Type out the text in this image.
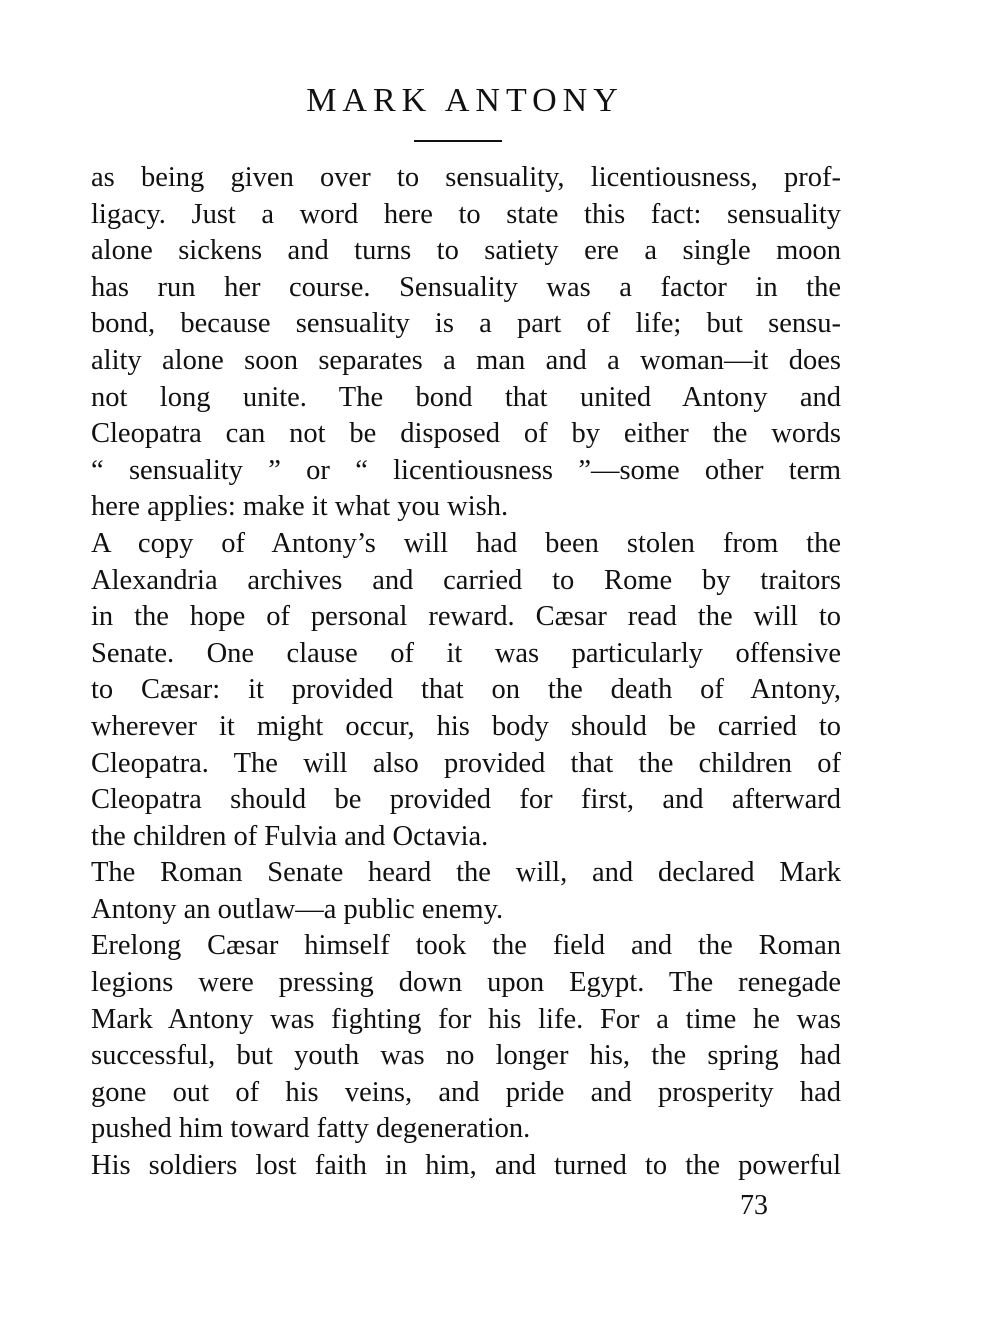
MARK ANTONY
as being given over to sensuality, licentiousness, prof-
ligacy. Just a word here to state this fact: sensuality
alone sickens and turns to satiety ere a single moon
has run her course. Sensuality was a factor in the
bond, because sensuality is a part of life; but sensu-
ality alone soon separates a man and a woman—it does
not long unite. The bond that united Antony and
Cleopatra can not be disposed of by either the words
“ sensuality ” or “ licentiousness ”—some other term
here applies: make it what you wish.
A copy of Antony’s will had been stolen from the
Alexandria archives and carried to Rome by traitors
in the hope of personal reward. Cæsar read the will to
Senate. One clause of it was particularly offensive
to Cæsar: it provided that on the death of Antony,
wherever it might occur, his body should be carried to
Cleopatra. The will also provided that the children of
Cleopatra should be provided for first, and afterward
the children of Fulvia and Octavia.
The Roman Senate heard the will, and declared Mark
Antony an outlaw—a public enemy.
Erelong Cæsar himself took the field and the Roman
legions were pressing down upon Egypt. The renegade
Mark Antony was fighting for his life. For a time he was
successful, but youth was no longer his, the spring had
gone out of his veins, and pride and prosperity had
pushed him toward fatty degeneration.
His soldiers lost faith in him, and turned to the powerful
73
